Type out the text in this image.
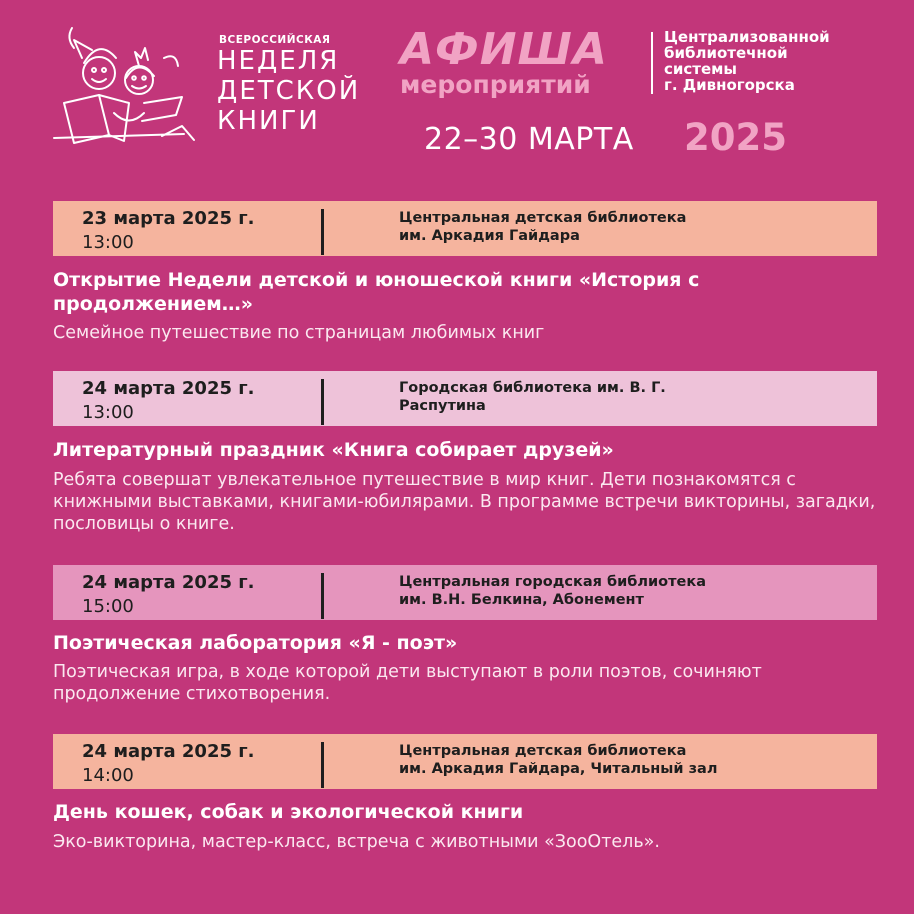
ВСЕРОССИЙСКАЯ
НЕДЕЛЯ
ДЕТСКОЙ
КНИГИ
АФИША
мероприятий
Централизованной
библиотечной
системы
г. Дивногорска
22–30 МАРТА 2025
23 марта 2025 г.
13:00
Центральная детская библиотека
им. Аркадия Гайдара
Открытие Недели детской и юношеской книги «История с продолжением…»
Семейное путешествие по страницам любимых книг
24 марта 2025 г.
13:00
Городская библиотека им. В. Г.
Распутина
Литературный праздник «Книга собирает друзей»
Ребята совершат увлекательное путешествие в мир книг. Дети познакомятся с книжными выставками, книгами-юбилярами. В программе встречи викторины, загадки, пословицы о книге.
24 марта 2025 г.
15:00
Центральная городская библиотека
им. В.Н. Белкина, Абонемент
Поэтическая лаборатория «Я - поэт»
Поэтическая игра, в ходе которой дети выступают в роли поэтов, сочиняют продолжение стихотворения.
24 марта 2025 г.
14:00
Центральная детская библиотека
им. Аркадия Гайдара, Читальный зал
День кошек, собак и экологической книги
Эко-викторина, мастер-класс, встреча с животными «ЗооОтель».
